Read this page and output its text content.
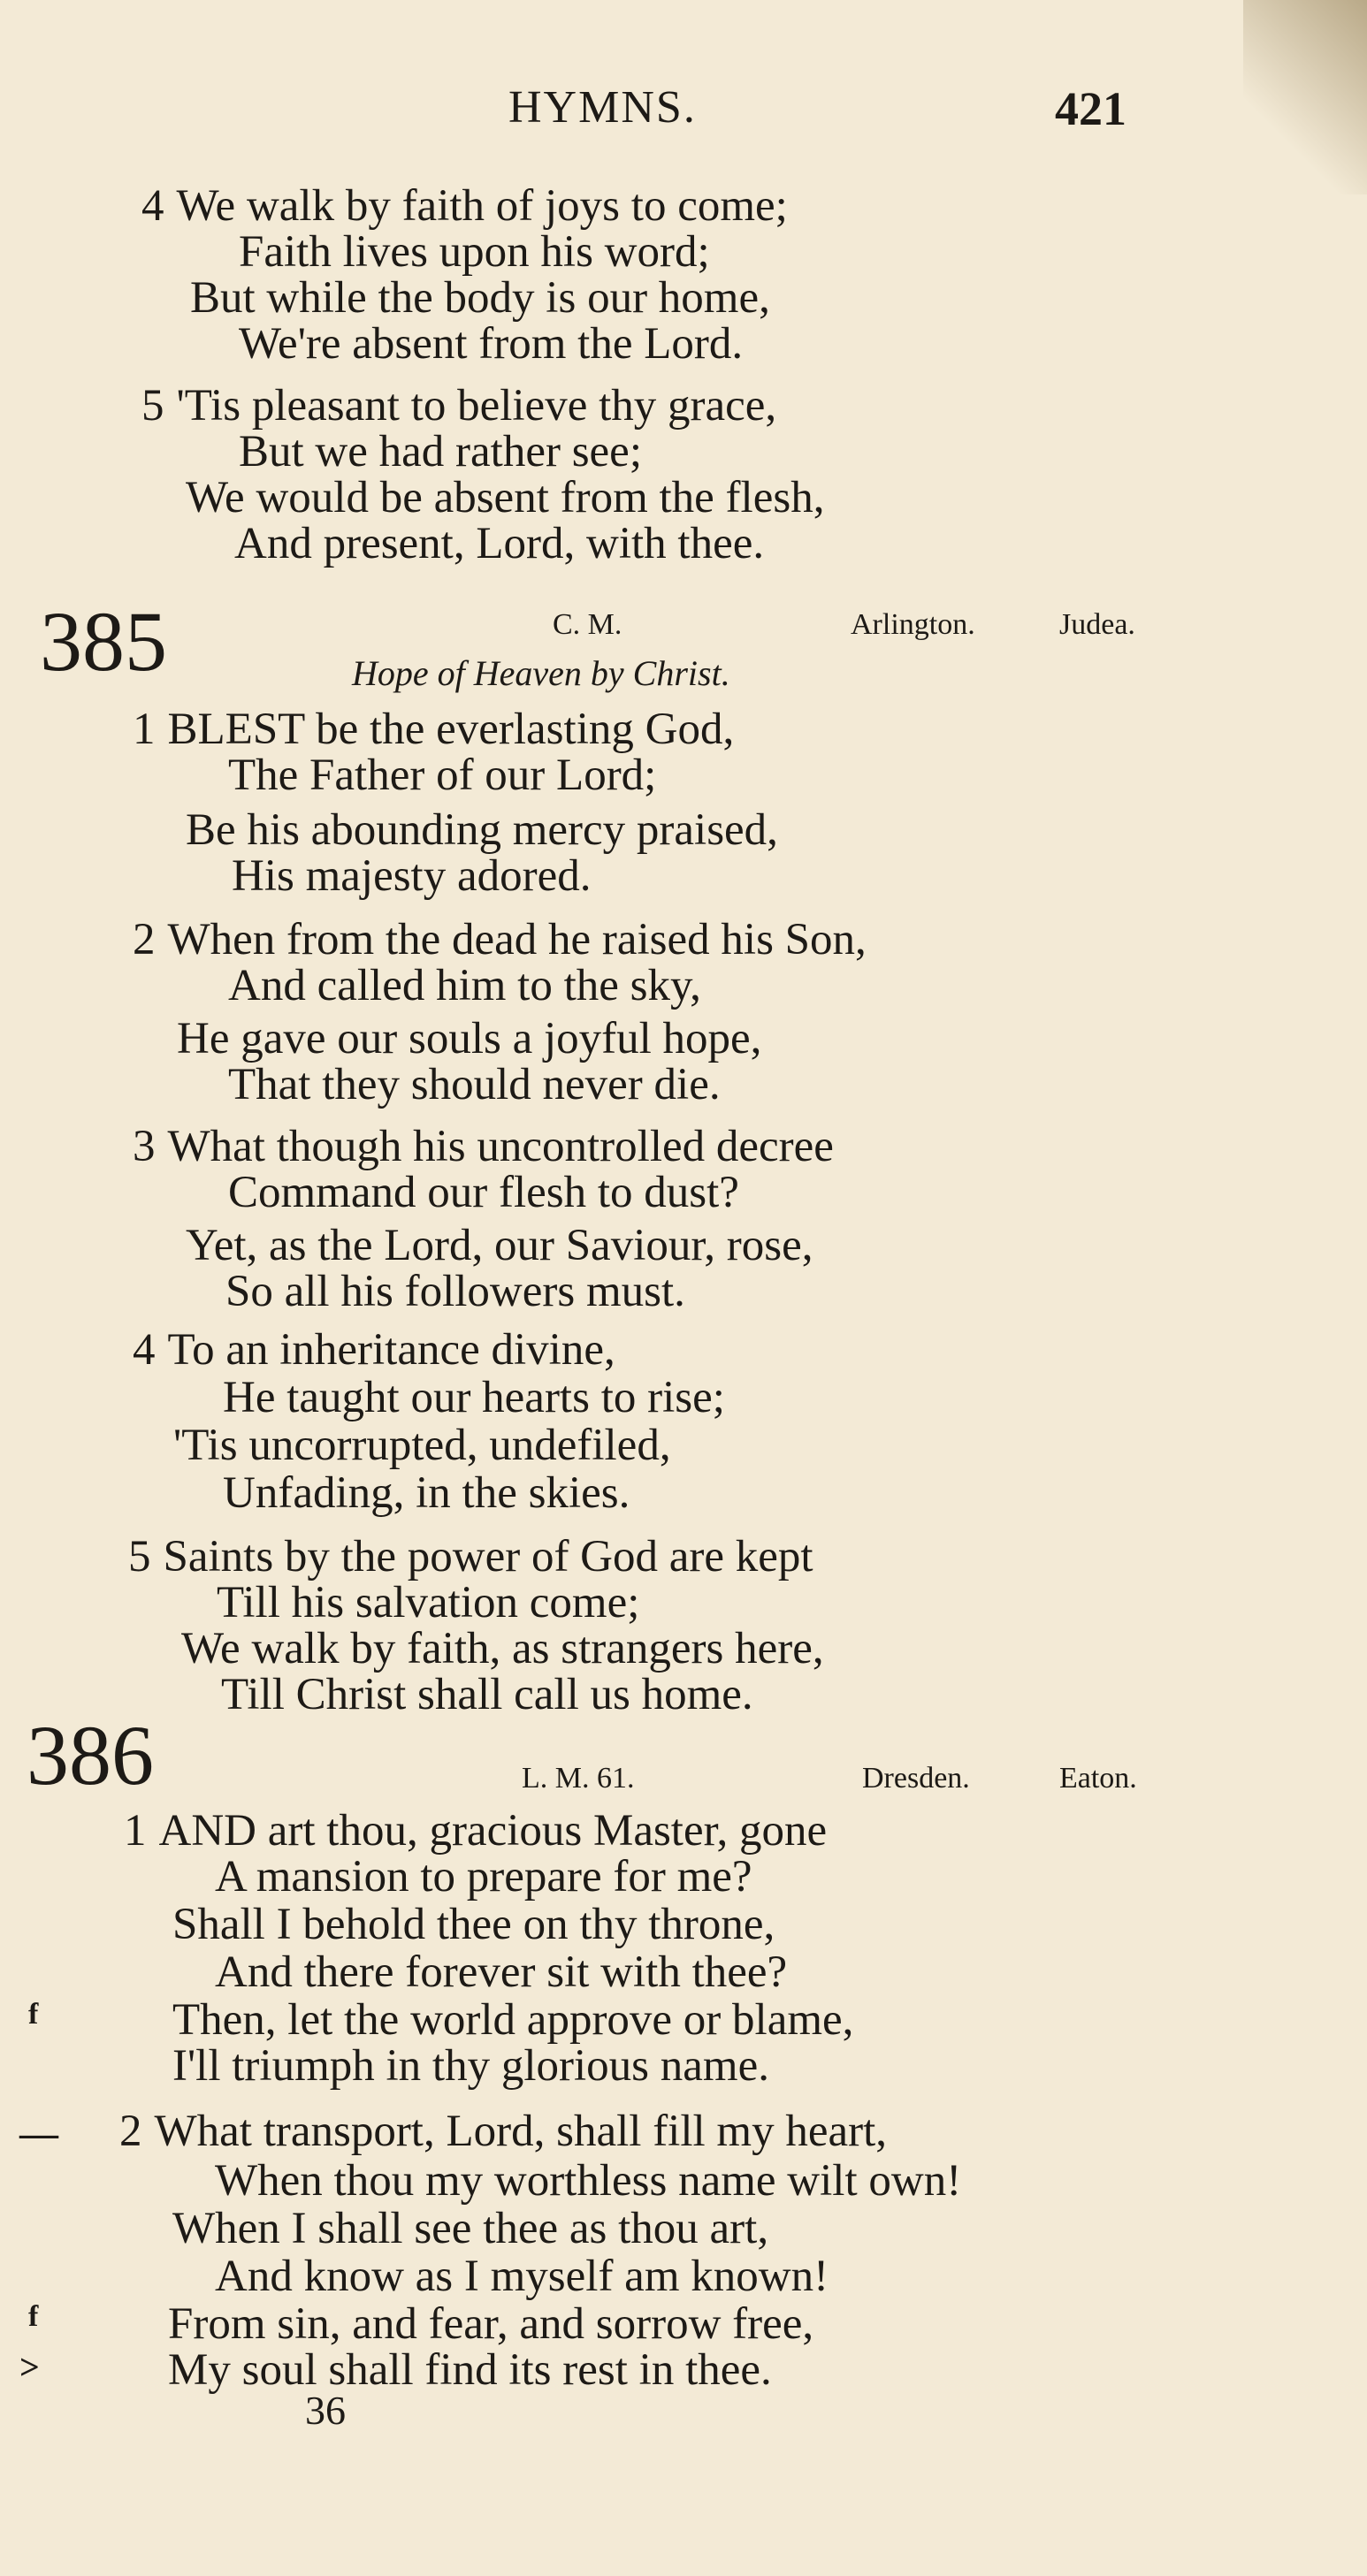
HYMNS.	421
4 We walk by faith of joys to come;
Faith lives upon his word;
But while the body is our home,
We're absent from the Lord.
5 'Tis pleasant to believe thy grace,
But we had rather see;
We would be absent from the flesh,
And present, Lord, with thee.
385	C. M.	Arlington.	Judea.
Hope of Heaven by Christ.
1 BLEST be the everlasting God,
The Father of our Lord;
Be his abounding mercy praised,
His majesty adored.
2 When from the dead he raised his Son,
And called him to the sky,
He gave our souls a joyful hope,
That they should never die.
3 What though his uncontrolled decree
Command our flesh to dust?
Yet, as the Lord, our Saviour, rose,
So all his followers must.
4 To an inheritance divine,
He taught our hearts to rise;
'Tis uncorrupted, undefiled,
Unfading, in the skies.
5 Saints by the power of God are kept
Till his salvation come;
We walk by faith, as strangers here,
Till Christ shall call us home.
386	L. M. 61.	Dresden.	Eaton.
1 AND art thou, gracious Master, gone
A mansion to prepare for me?
Shall I behold thee on thy throne,
And there forever sit with thee?
f	Then, let the world approve or blame,
I'll triumph in thy glorious name.
— 2 What transport, Lord, shall fill my heart,
When thou my worthless name wilt own!
When I shall see thee as thou art,
And know as I myself am known!
f	From sin, and fear, and sorrow free,
>	My soul shall find its rest in thee.
36
